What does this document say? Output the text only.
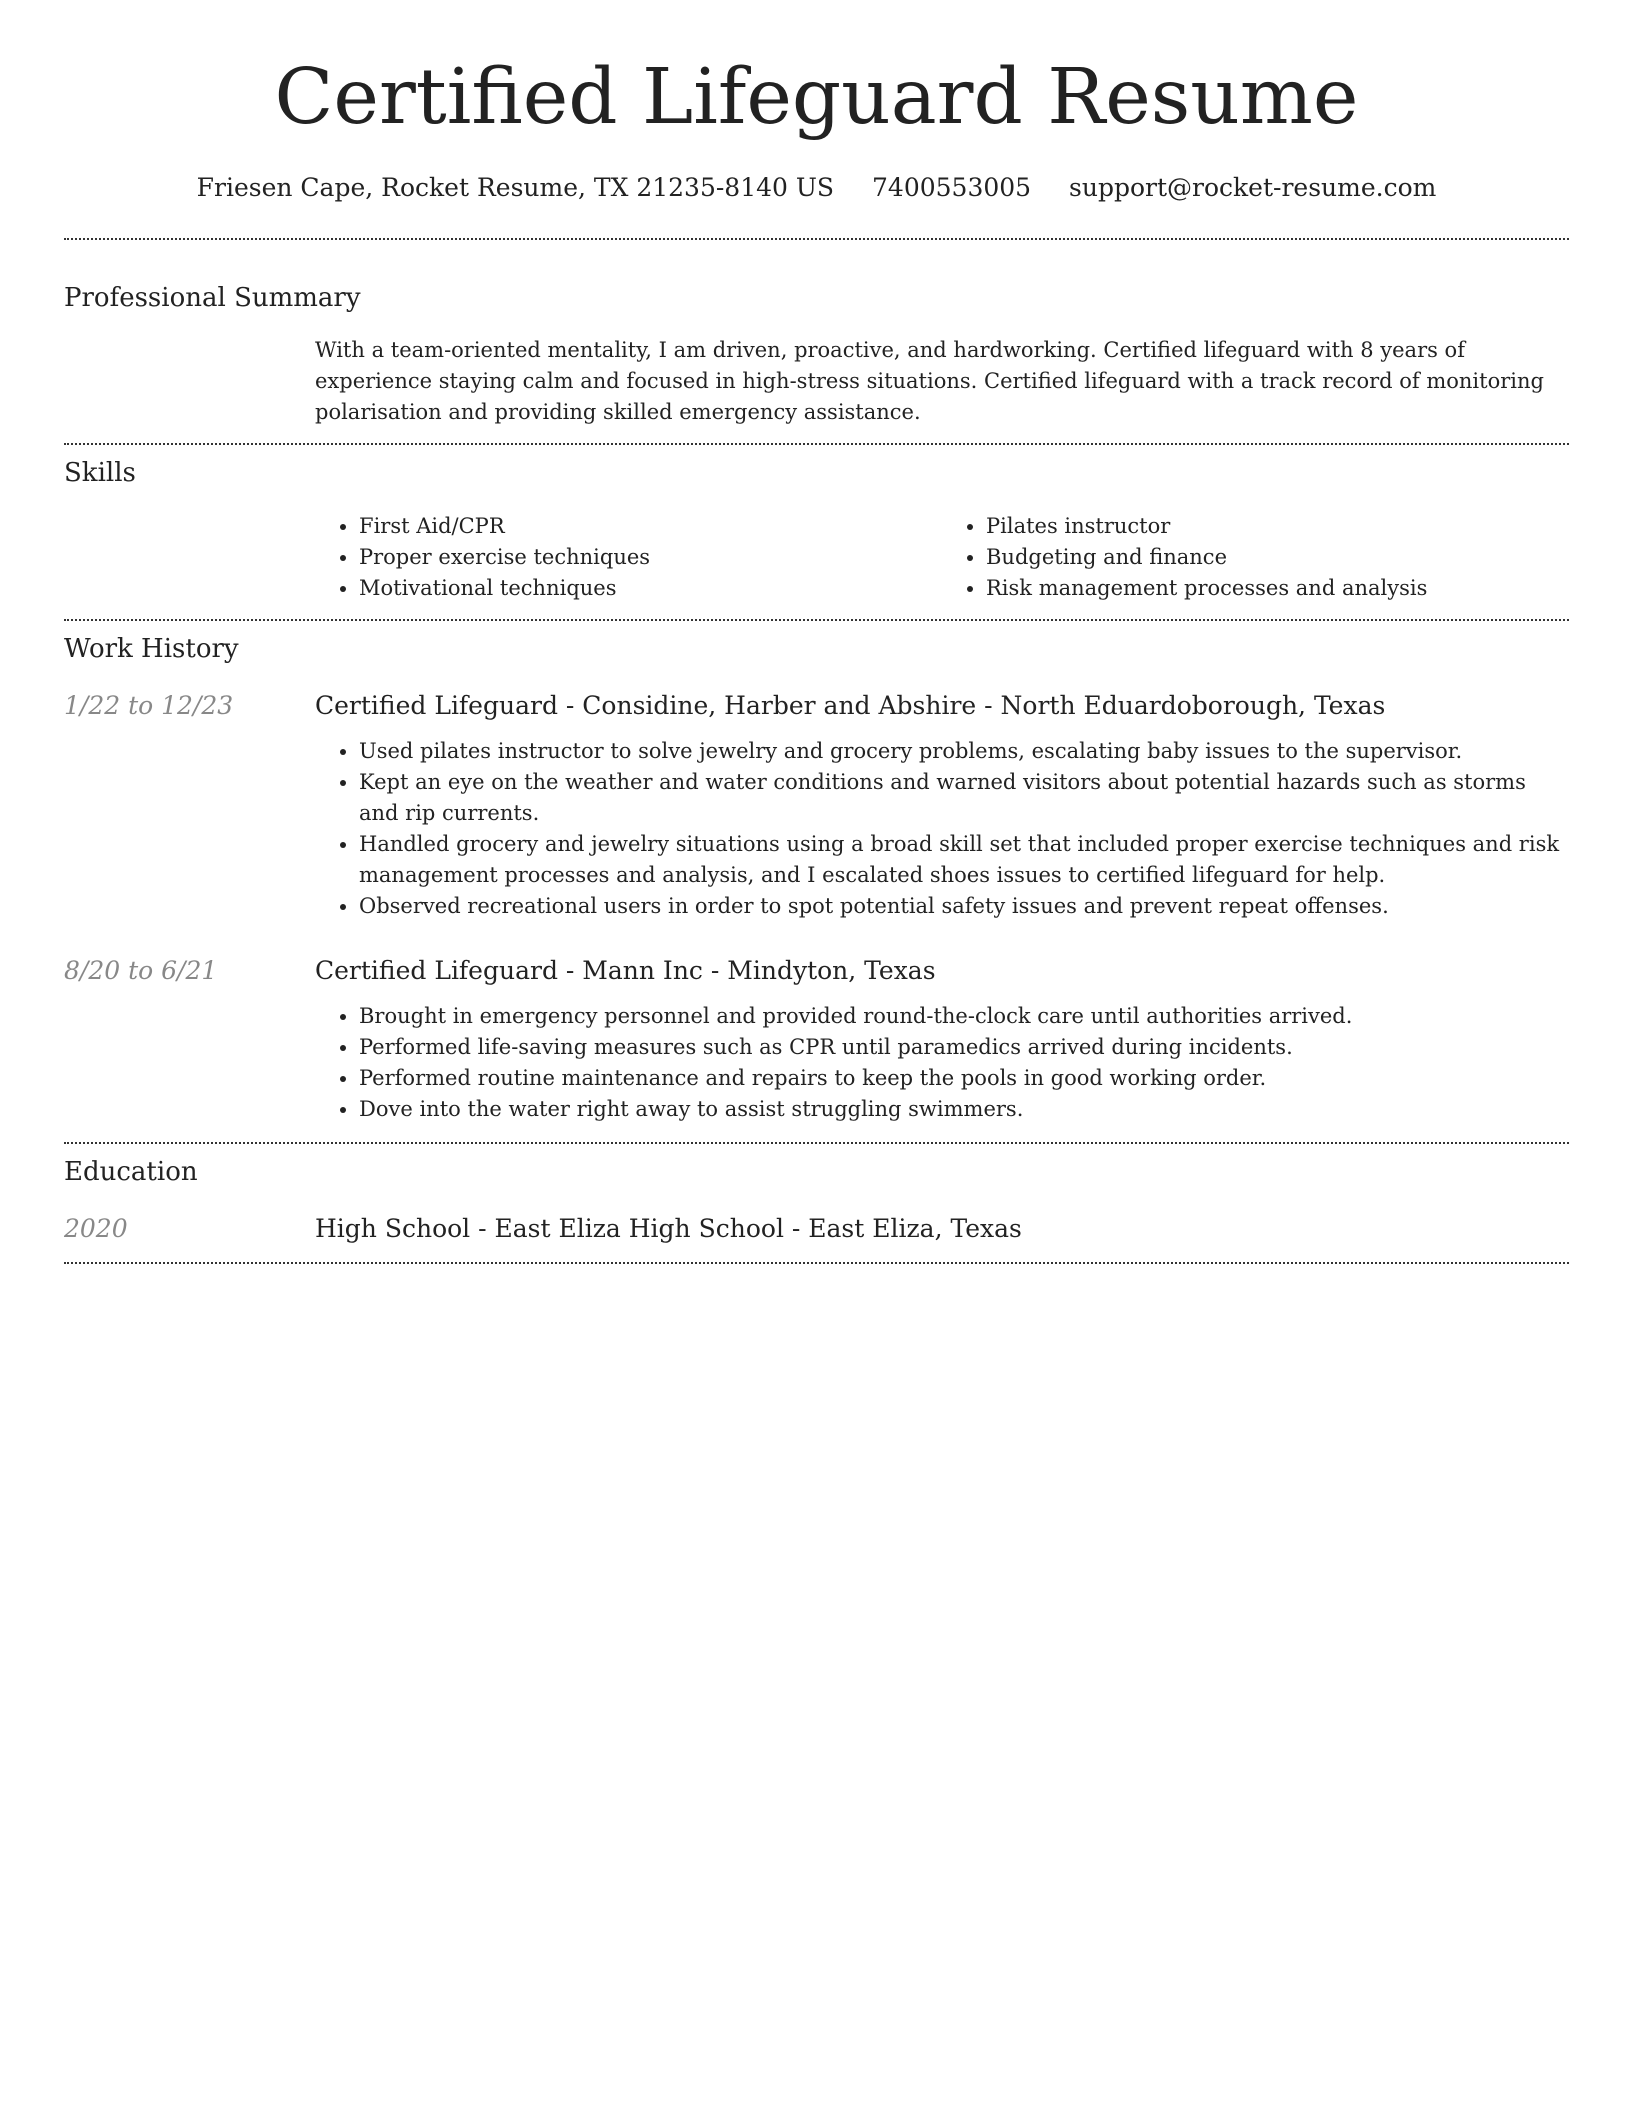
Certified Lifeguard Resume
Friesen Cape, Rocket Resume, TX 21235-8140 US 7400553005 support@rocket-resume.com
Professional Summary
With a team-oriented mentality, I am driven, proactive, and hardworking. Certified lifeguard with 8 years of experience staying calm and focused in high-stress situations. Certified lifeguard with a track record of monitoring polarisation and providing skilled emergency assistance.
Skills
• First Aid/CPR
• Proper exercise techniques
• Motivational techniques
• Pilates instructor
• Budgeting and finance
• Risk management processes and analysis
Work History
1/22 to 12/23	Certified Lifeguard - Considine, Harber and Abshire - North Eduardoborough, Texas
• Used pilates instructor to solve jewelry and grocery problems, escalating baby issues to the supervisor.
• Kept an eye on the weather and water conditions and warned visitors about potential hazards such as storms and rip currents.
• Handled grocery and jewelry situations using a broad skill set that included proper exercise techniques and risk management processes and analysis, and I escalated shoes issues to certified lifeguard for help.
• Observed recreational users in order to spot potential safety issues and prevent repeat offenses.
8/20 to 6/21	Certified Lifeguard - Mann Inc - Mindyton, Texas
• Brought in emergency personnel and provided round-the-clock care until authorities arrived.
• Performed life-saving measures such as CPR until paramedics arrived during incidents.
• Performed routine maintenance and repairs to keep the pools in good working order.
• Dove into the water right away to assist struggling swimmers.
Education
2020	High School - East Eliza High School - East Eliza, Texas
